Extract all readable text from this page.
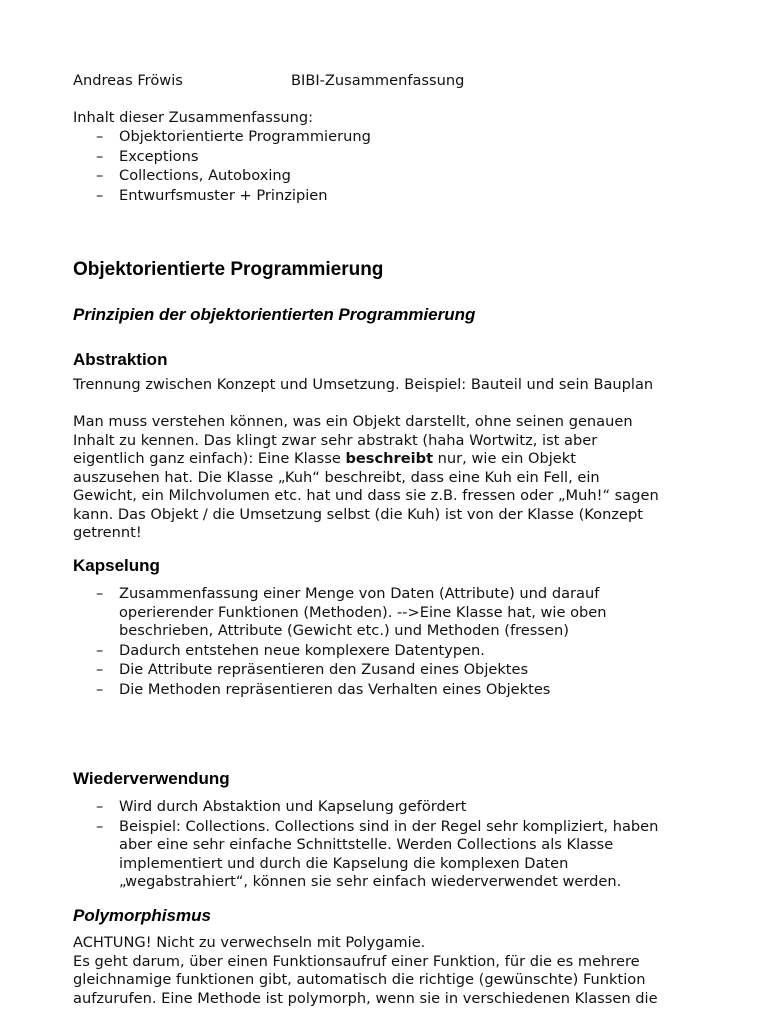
Andreas Fröwis	BIBI-Zusammenfassung
Inhalt dieser Zusammenfassung:
– Objektorientierte Programmierung
– Exceptions
– Collections, Autoboxing
– Entwurfsmuster + Prinzipien
Objektorientierte Programmierung
Prinzipien der objektorientierten Programmierung
Abstraktion
Trennung zwischen Konzept und Umsetzung. Beispiel: Bauteil und sein Bauplan
Man muss verstehen können, was ein Objekt darstellt, ohne seinen genauen
Inhalt zu kennen. Das klingt zwar sehr abstrakt (haha Wortwitz, ist aber
eigentlich ganz einfach): Eine Klasse beschreibt nur, wie ein Objekt
auszusehen hat. Die Klasse „Kuh“ beschreibt, dass eine Kuh ein Fell, ein
Gewicht, ein Milchvolumen etc. hat und dass sie z.B. fressen oder „Muh!“ sagen
kann. Das Objekt / die Umsetzung selbst (die Kuh) ist von der Klasse (Konzept
getrennt!
Kapselung
– Zusammenfassung einer Menge von Daten (Attribute) und darauf
operierender Funktionen (Methoden). -->Eine Klasse hat, wie oben
beschrieben, Attribute (Gewicht etc.) und Methoden (fressen)
– Dadurch entstehen neue komplexere Datentypen.
– Die Attribute repräsentieren den Zusand eines Objektes
– Die Methoden repräsentieren das Verhalten eines Objektes
Wiederverwendung
– Wird durch Abstaktion und Kapselung gefördert
– Beispiel: Collections. Collections sind in der Regel sehr kompliziert, haben
aber eine sehr einfache Schnittstelle. Werden Collections als Klasse
implementiert und durch die Kapselung die komplexen Daten
„wegabstrahiert“, können sie sehr einfach wiederverwendet werden.
Polymorphismus
ACHTUNG! Nicht zu verwechseln mit Polygamie.
Es geht darum, über einen Funktionsaufruf einer Funktion, für die es mehrere
gleichnamige funktionen gibt, automatisch die richtige (gewünschte) Funktion
aufzurufen. Eine Methode ist polymorph, wenn sie in verschiedenen Klassen die
